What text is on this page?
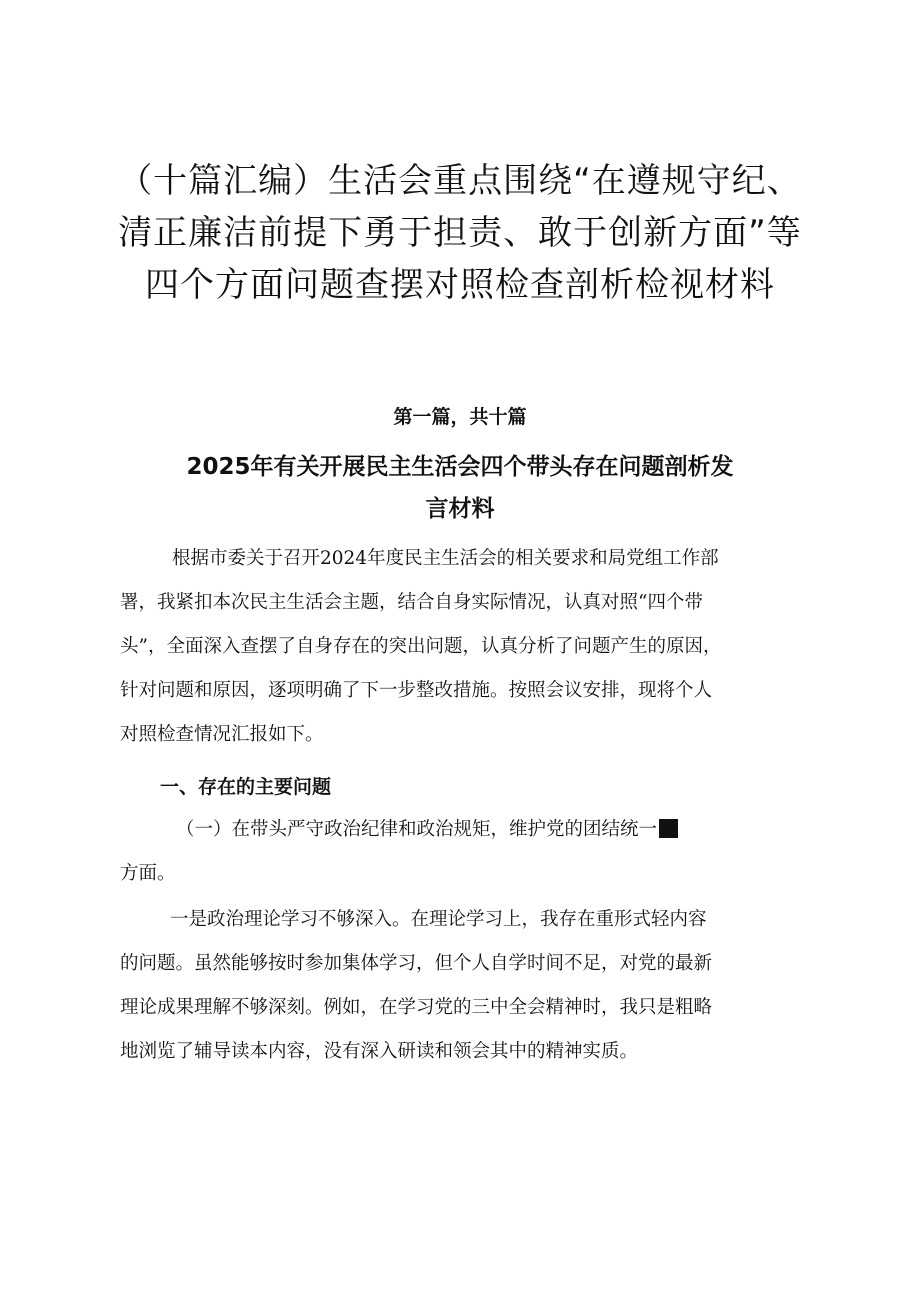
（十篇汇编）生活会重点围绕“在遵规守纪、
清正廉洁前提下勇于担责、敢于创新方面”等
四个方面问题查摆对照检查剖析检视材料

第一篇，共十篇

2025年有关开展民主生活会四个带头存在问题剖析发
言材料

根据市委关于召开2024年度民主生活会的相关要求和局党组工作部
署，我紧扣本次民主生活会主题，结合自身实际情况，认真对照“四个带
头”，全面深入查摆了自身存在的突出问题，认真分析了问题产生的原因，
针对问题和原因，逐项明确了下一步整改措施。按照会议安排，现将个人
对照检查情况汇报如下。

一、存在的主要问题

（一）在带头严守政治纪律和政治规矩，维护党的团结统一
方面。

一是政治理论学习不够深入。在理论学习上，我存在重形式轻内容
的问题。虽然能够按时参加集体学习，但个人自学时间不足，对党的最新
理论成果理解不够深刻。例如，在学习党的三中全会精神时，我只是粗略
地浏览了辅导读本内容，没有深入研读和领会其中的精神实质。
